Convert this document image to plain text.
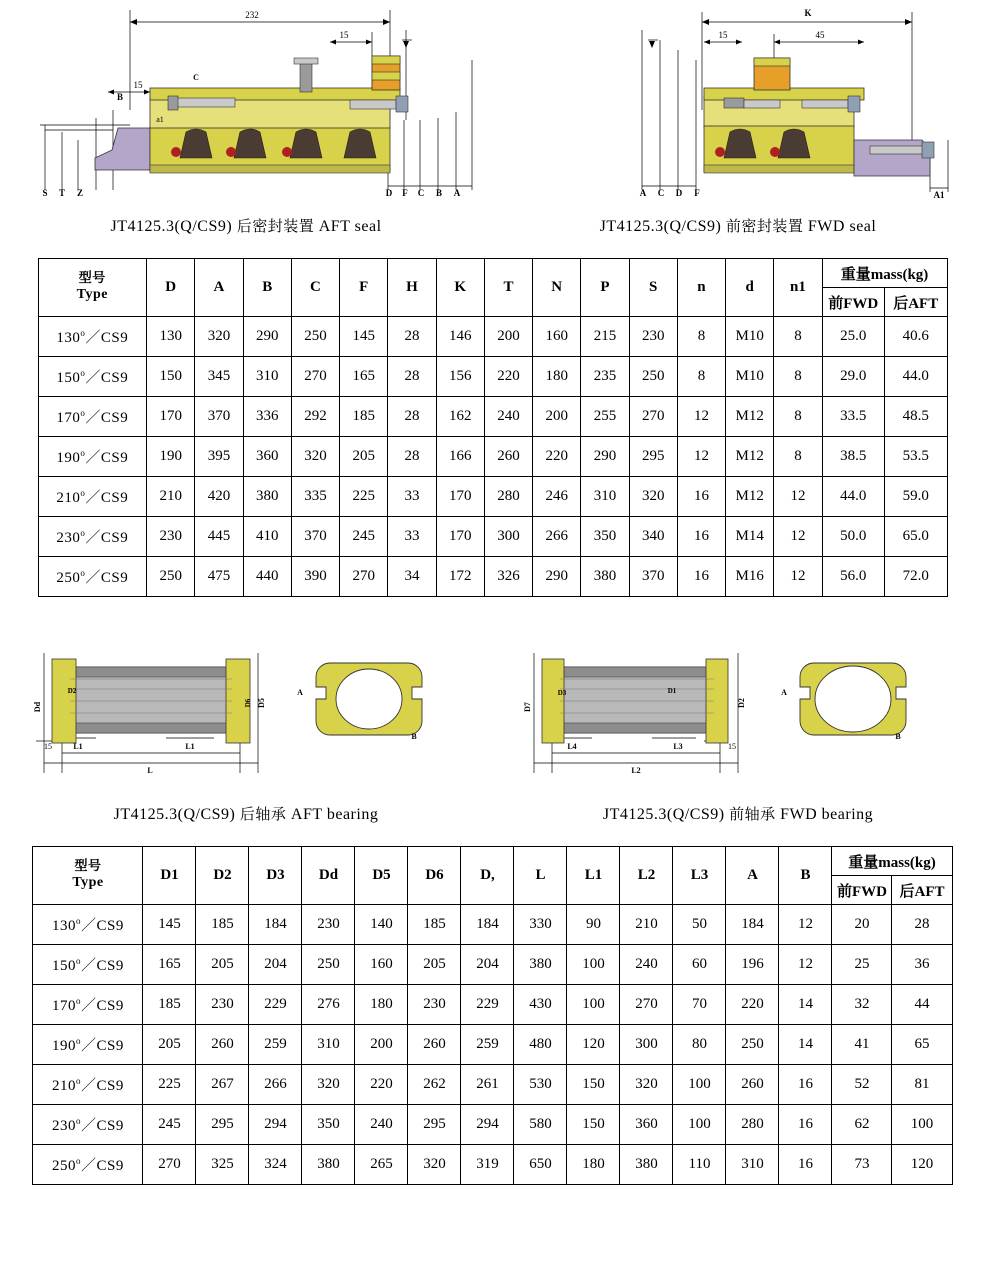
232
15
15
B
a1
S T Z	D F C B A
C
JT4125.3(Q/CS9) 后密封装置 AFT seal
K
45
15
A C D F	A1
JT4125.3(Q/CS9) 前密封装置 FWD seal
型号
Type	D	A	B	C	F	H	K	T	N	P	S	n	d	n1	重量mass(kg)	
															前FWD	后AFT
130$^o$／CS9	130	320	290	250	145	28	146	200	160	215	230	8	M10	8	25.0	40.6
150$^o$／CS9	150	345	310	270	165	28	156	220	180	235	250	8	M10	8	29.0	44.0
170$^o$／CS9	170	370	336	292	185	28	162	240	200	255	270	12	M12	8	33.5	48.5
190$^o$／CS9	190	395	360	320	205	28	166	260	220	290	295	12	M12	8	38.5	53.5
210$^o$／CS9	210	420	380	335	225	33	170	280	246	310	320	16	M12	12	44.0	59.0
230$^o$／CS9	230	445	410	370	245	33	170	300	266	350	340	16	M14	12	50.0	65.0
250$^o$／CS9	250	475	440	390	270	34	172	326	290	380	370	16	M16	12	56.0	72.0
Dd
D2
D5
D6
15	L1	L1
L
A
B
JT4125.3(Q/CS9) 后轴承 AFT bearing
D7
D3	D1
D2
15
L4	L3
L2
A
B
JT4125.3(Q/CS9) 前轴承 FWD bearing
型号
Type	D1	D2	D3	Dd	D5	D6	D,	L	L1	L2	L3	A	B	重量mass(kg)	
														前FWD	后AFT
130$^o$／CS9	145	185	184	230	140	185	184	330	90	210	50	184	12	20	28
150$^o$／CS9	165	205	204	250	160	205	204	380	100	240	60	196	12	25	36
170$^o$／CS9	185	230	229	276	180	230	229	430	100	270	70	220	14	32	44
190$^o$／CS9	205	260	259	310	200	260	259	480	120	300	80	250	14	41	65
210$^o$／CS9	225	267	266	320	220	262	261	530	150	320	100	260	16	52	81
230$^o$／CS9	245	295	294	350	240	295	294	580	150	360	100	280	16	62	100
250$^o$／CS9	270	325	324	380	265	320	319	650	180	380	110	310	16	73	120
